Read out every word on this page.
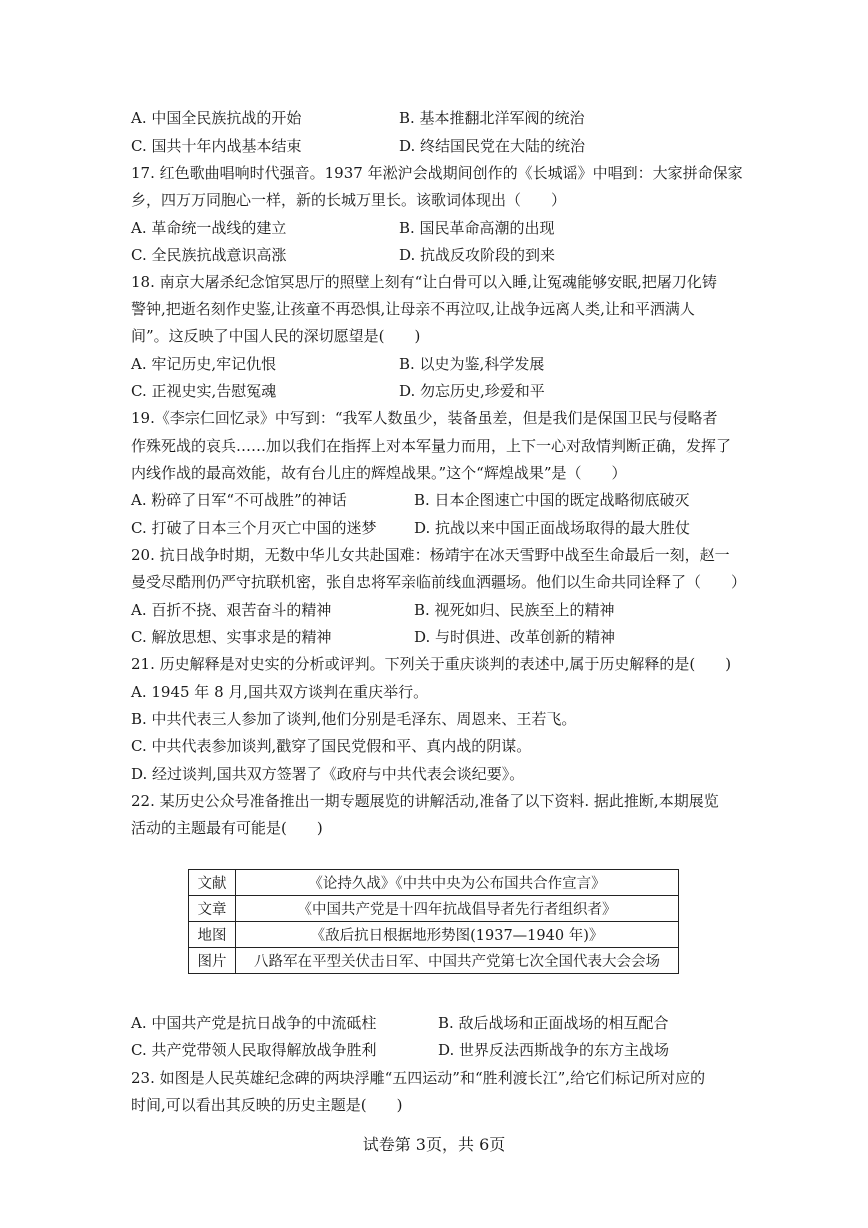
A. 中国全民族抗战的开始	B. 基本推翻北洋军阀的统治
C. 国共十年内战基本结束	D. 终结国民党在大陆的统治
17. 红色歌曲唱响时代强音。1937 年淞沪会战期间创作的《长城谣》中唱到：大家拼命保家
乡，四万万同胞心一样，新的长城万里长。该歌词体现出（　　）
A. 革命统一战线的建立	B. 国民革命高潮的出现
C. 全民族抗战意识高涨	D. 抗战反攻阶段的到来
18. 南京大屠杀纪念馆冥思厅的照壁上刻有“让白骨可以入睡,让冤魂能够安眠,把屠刀化铸
警钟,把逝名刻作史鉴,让孩童不再恐惧,让母亲不再泣叹,让战争远离人类,让和平洒满人
间”。这反映了中国人民的深切愿望是(　　)
A. 牢记历史,牢记仇恨	B. 以史为鉴,科学发展
C. 正视史实,告慰冤魂	D. 勿忘历史,珍爱和平
19.《李宗仁回忆录》中写到：“我军人数虽少，装备虽差，但是我们是保国卫民与侵略者
作殊死战的哀兵……加以我们在指挥上对本军量力而用，上下一心对敌情判断正确，发挥了
内线作战的最高效能，故有台儿庄的辉煌战果。”这个“辉煌战果”是（　　）
A. 粉碎了日军“不可战胜”的神话	B. 日本企图速亡中国的既定战略彻底破灭
C. 打破了日本三个月灭亡中国的迷梦	D. 抗战以来中国正面战场取得的最大胜仗
20. 抗日战争时期，无数中华儿女共赴国难：杨靖宇在冰天雪野中战至生命最后一刻，赵一
曼受尽酷刑仍严守抗联机密，张自忠将军亲临前线血洒疆场。他们以生命共同诠释了（　　）
A. 百折不挠、艰苦奋斗的精神	B. 视死如归、民族至上的精神
C. 解放思想、实事求是的精神	D. 与时俱进、改革创新的精神
21. 历史解释是对史实的分析或评判。下列关于重庆谈判的表述中,属于历史解释的是(　　)
A. 1945 年 8 月,国共双方谈判在重庆举行。
B. 中共代表三人参加了谈判,他们分别是毛泽东、周恩来、王若飞。
C. 中共代表参加谈判,戳穿了国民党假和平、真内战的阴谋。
D. 经过谈判,国共双方签署了《政府与中共代表会谈纪要》。
22. 某历史公众号准备推出一期专题展览的讲解活动,准备了以下资料. 据此推断,本期展览
活动的主题最有可能是(　　)
文献	《论持久战》《中共中央为公布国共合作宣言》
文章	《中国共产党是十四年抗战倡导者先行者组织者》
地图	《敌后抗日根据地形势图(1937—1940 年)》
图片	八路军在平型关伏击日军、中国共产党第七次全国代表大会会场
A. 中国共产党是抗日战争的中流砥柱	B. 敌后战场和正面战场的相互配合
C. 共产党带领人民取得解放战争胜利	D. 世界反法西斯战争的东方主战场
23. 如图是人民英雄纪念碑的两块浮雕“五四运动”和“胜利渡长江”,给它们标记所对应的
时间,可以看出其反映的历史主题是(　　)
试卷第 3页，共 6页
